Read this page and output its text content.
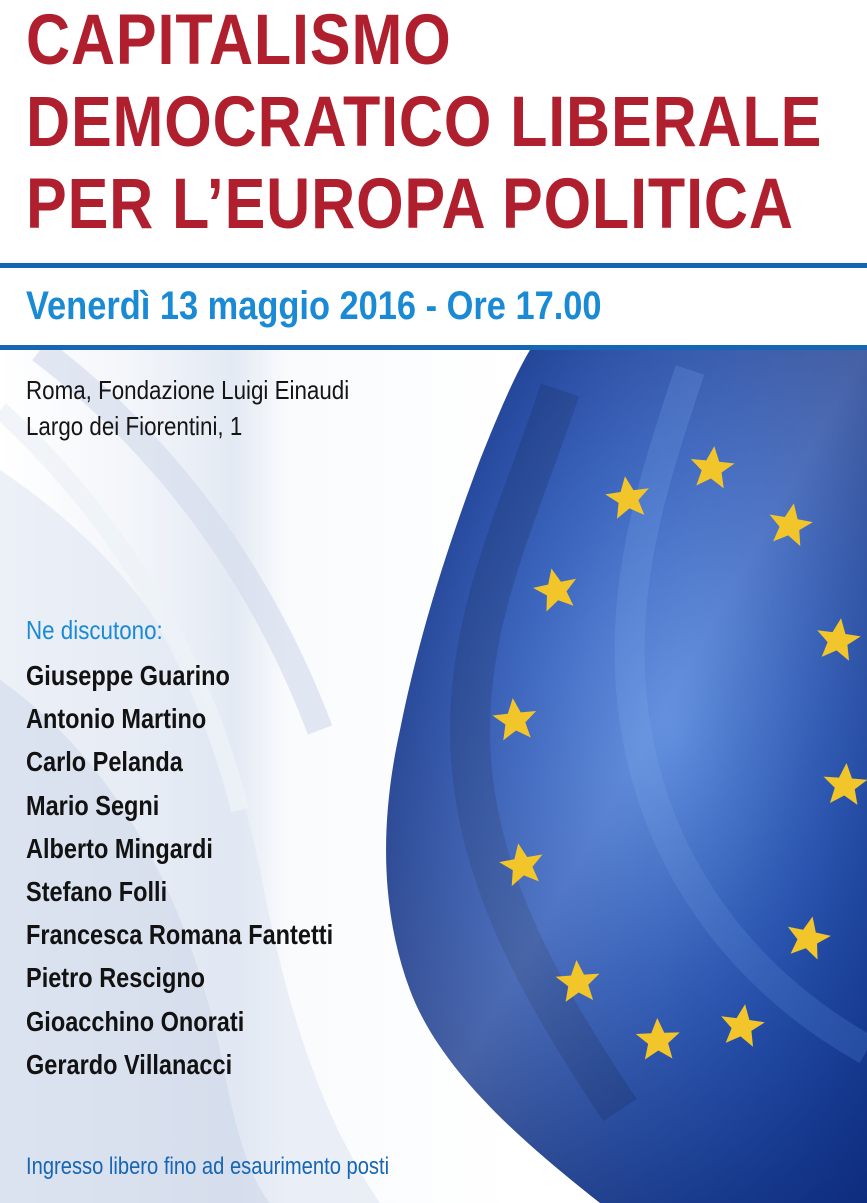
CAPITALISMO
DEMOCRATICO LIBERALE
PER L’EUROPA POLITICA
Venerdì 13 maggio 2016 - Ore 17.00
Roma, Fondazione Luigi Einaudi
Largo dei Fiorentini, 1
Ne discutono:
Giuseppe Guarino
Antonio Martino
Carlo Pelanda
Mario Segni
Alberto Mingardi
Stefano Folli
Francesca Romana Fantetti
Pietro Rescigno
Gioacchino Onorati
Gerardo Villanacci
Ingresso libero fino ad esaurimento posti
